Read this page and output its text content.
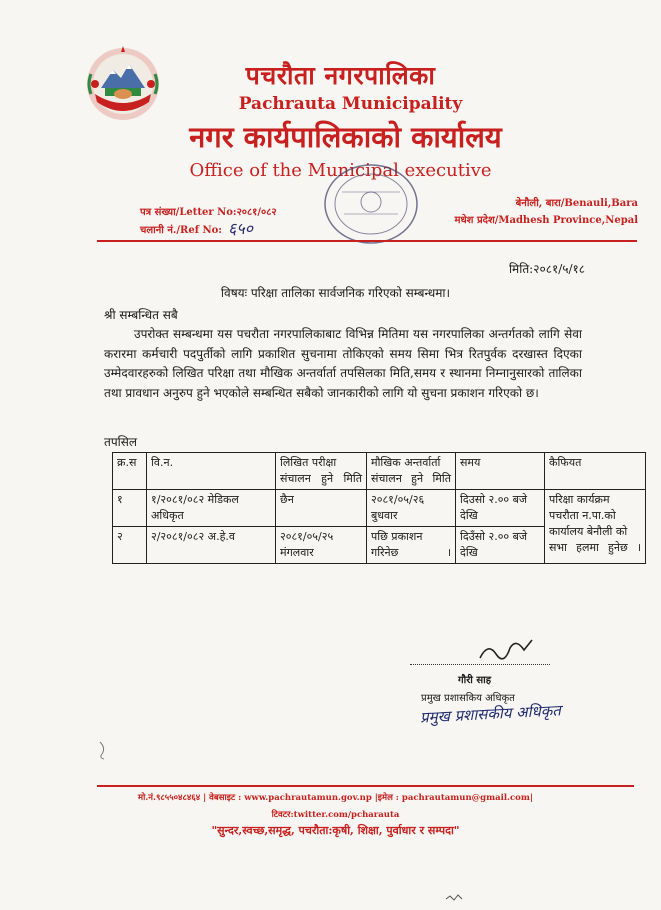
पचरौता नगरपालिका
Pachrauta Municipality
नगर कार्यपालिकाको कार्यालय
Office of the Municipal executive
पत्र संख्या/Letter No:२०८१/०८२
चलानी नं./Ref No: ६५०
बेनौली, बारा/Benauli,Bara
मधेश प्रदेश/Madhesh Province,Nepal
मिति:२०८१/५/१८
विषयः परिक्षा तालिका सार्वजनिक गरिएको सम्बन्धमा।
श्री सम्बन्धित सबै
उपरोक्त सम्बन्धमा यस पचरौता नगरपालिकाबाट विभिन्न मितिमा यस नगरपालिका अन्तर्गतको लागि सेवा करारमा कर्मचारी पदपुर्तीको लागि प्रकाशित सुचनामा तोकिएको समय सिमा भित्र रितपुर्वक दरखास्त दिएका उम्मेदवारहरुको लिखित परिक्षा तथा मौखिक अन्तर्वार्ता तपसिलका मिति,समय र स्थानमा निम्नानुसारको तालिका तथा प्रावधान अनुरुप हुने भएकोले सम्बन्धित सबैको जानकारीको लागि यो सुचना प्रकाशन गरिएको छ।
तपसिल
क्र.स	वि.न.	लिखित परीक्षा संचालन हुने मिति	मौखिक अन्तर्वार्ता संचालन हुने मिति	समय	कैफियत
१	१/२०८१/०८२ मेडिकल अधिकृत	छैन	२०८१/०५/२६ बुधवार	दिउसो २.०० बजे देखि	परिक्षा कार्यक्रम पचरौता न.पा.को कार्यालय बेनौली को सभा हलमा हुनेछ ।
२	२/२०८१/०८२ अ.हे.व	२०८१/०५/२५ मंगलवार	पछि प्रकाशन गरिनेछ ।	दिउँसो २.०० बजे देखि	
गौरी साह
प्रमुख प्रशासकिय अधिकृत
प्रमुख प्रशासकीय अधिकृत
मो.नं.९८५५०४८४६४ | वेबसाइट : www.pachrautamun.gov.np |इमेल : pachrautamun@gmail.com|
टिवटर:twitter.com/pcharauta
"सुन्दर,स्वच्छ,समृद्ध, पचरौता:कृषी, शिक्षा, पुर्वाधार र सम्पदा"
